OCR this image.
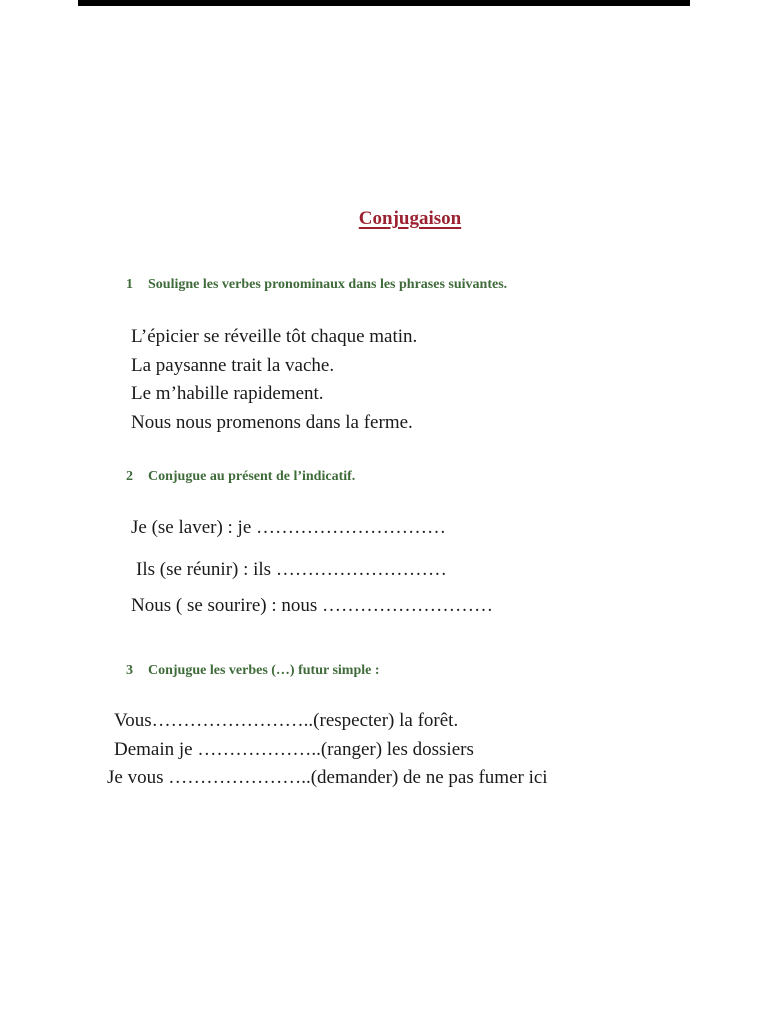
Conjugaison
1 Souligne les verbes pronominaux dans les phrases suivantes.
L’épicier se réveille tôt chaque matin.
La paysanne trait la vache.
Le m’habille rapidement.
Nous nous promenons dans la ferme.
2 Conjugue au présent de l’indicatif.
Je (se laver) : je …………………………
Ils (se réunir) : ils ………………………
Nous ( se sourire) : nous ………………………
3 Conjugue les verbes (…) futur simple :
Vous……………………..(respecter) la forêt.
Demain je ………………..(ranger) les dossiers
Je vous …………………..(demander) de ne pas fumer ici
